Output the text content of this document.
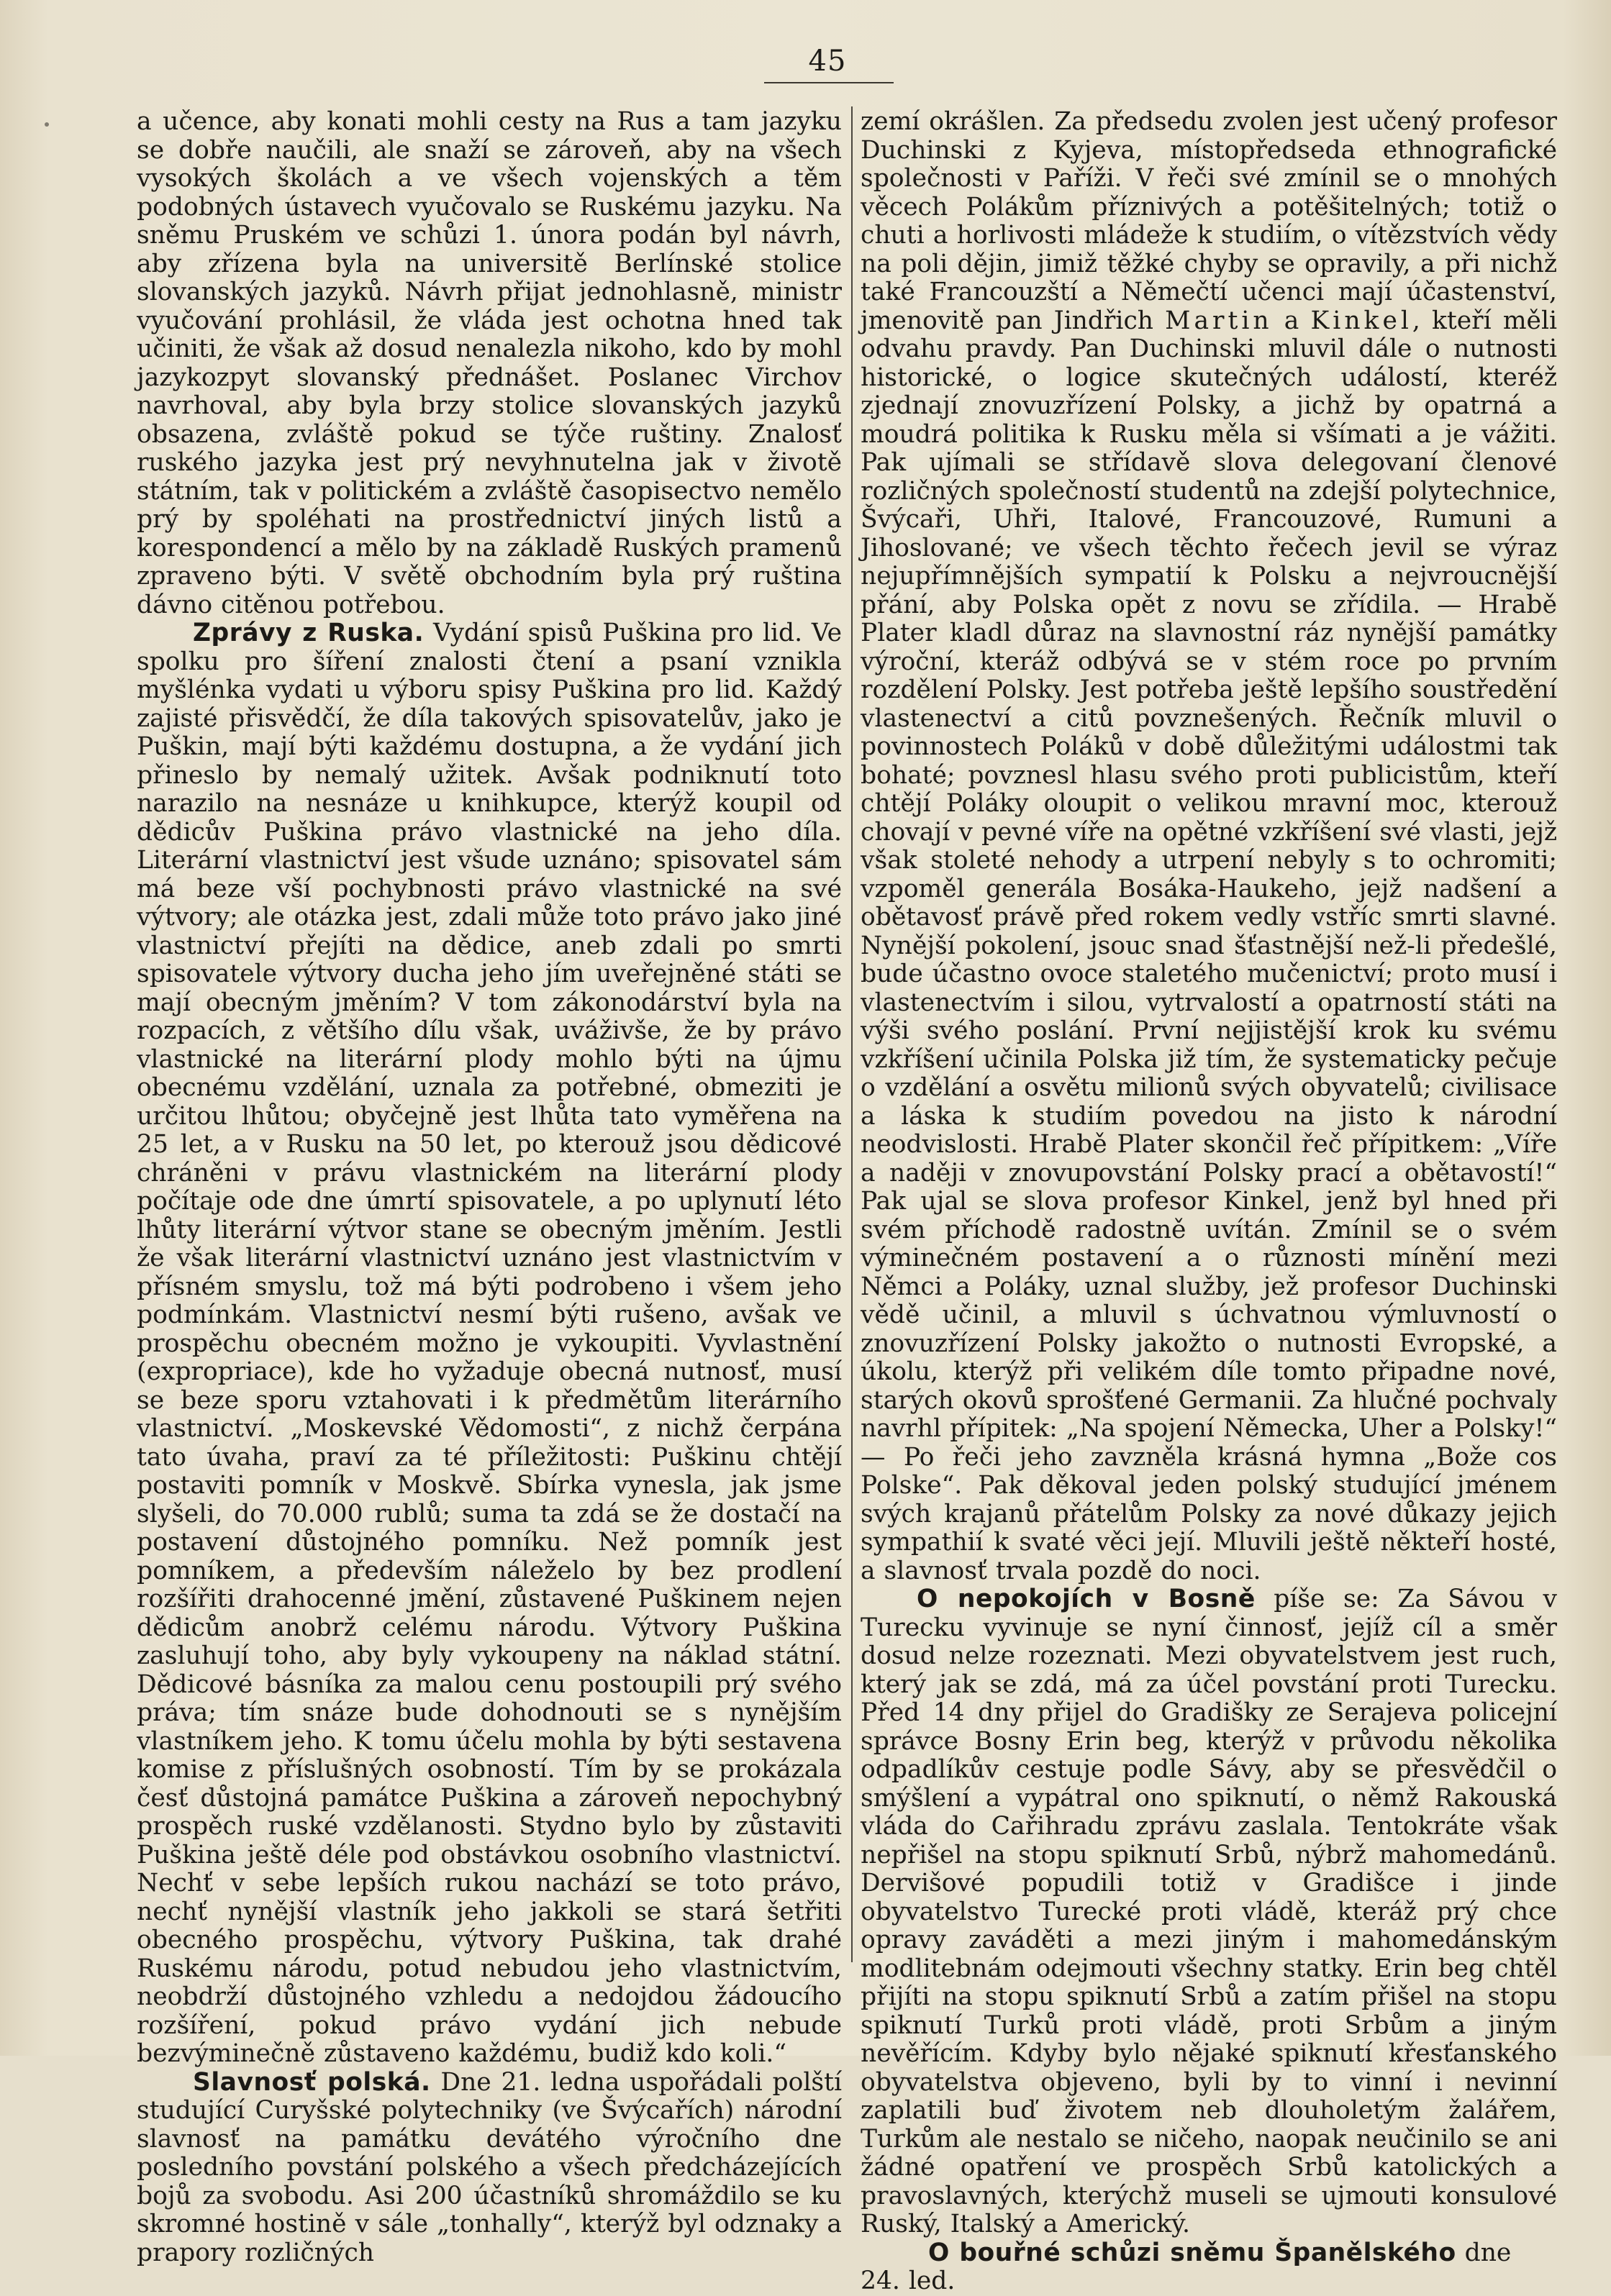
45

a učence, aby konati mohli cesty na Rus a tam jazyku se dobře naučili, ale snaží se zároveň, aby na všech vysokých školách a ve všech vojenských a těm podobných ústavech vyučovalo se Ruskému jazyku. Na sněmu Pruském ve schůzi 1. února podán byl návrh, aby zřízena byla na universitě Berlínské stolice slovanských jazyků. Návrh přijat jednohlasně, ministr vyučování prohlásil, že vláda jest ochotna hned tak učiniti, že však až dosud nenalezla nikoho, kdo by mohl jazykozpyt slovanský přednášet. Poslanec Virchov navrhoval, aby byla brzy stolice slovanských jazyků obsazena, zvláště pokud se týče ruštiny. Znalosť ruského jazyka jest prý nevyhnutelna jak v životě státním, tak v politickém a zvláště časopisectvo nemělo prý by spoléhati na prostřednictví jiných listů a korespondencí a mělo by na základě Ruských pramenů zpraveno býti. V světě obchodním byla prý ruština dávno citěnou potřebou.

Zprávy z Ruska. Vydání spisů Puškina pro lid. Ve spolku pro šíření znalosti čtení a psaní vznikla myšlénka vydati u výboru spisy Puškina pro lid. Každý zajisté přisvědčí, že díla takových spisovatelův, jako je Puškin, mají býti každému dostupna, a že vydání jich přineslo by nemalý užitek. Avšak podniknutí toto narazilo na nesnáze u knihkupce, kterýž koupil od dědicův Puškina právo vlastnické na jeho díla. Literární vlastnictví jest všude uznáno; spisovatel sám má beze vší pochybnosti právo vlastnické na své výtvory; ale otázka jest, zdali může toto právo jako jiné vlastnictví přejíti na dědice, aneb zdali po smrti spisovatele výtvory ducha jeho jím uveřejněné státi se mají obecným jměním? V tom zákonodárství byla na rozpacích, z většího dílu však, uváživše, že by právo vlastnické na literární plody mohlo býti na újmu obecnému vzdělání, uznala za potřebné, obmeziti je určitou lhůtou; obyčejně jest lhůta tato vyměřena na 25 let, a v Rusku na 50 let, po kterouž jsou dědicové chráněni v právu vlastnickém na literární plody počítaje ode dne úmrtí spisovatele, a po uplynutí léto lhůty literární výtvor stane se obecným jměním. Jestli že však literární vlastnictví uznáno jest vlastnictvím v přísném smyslu, tož má býti podrobeno i všem jeho podmínkám. Vlastnictví nesmí býti rušeno, avšak ve prospěchu obecném možno je vykoupiti. Vyvlastnění (expropriace), kde ho vyžaduje obecná nutnosť, musí se beze sporu vztahovati i k předmětům literárního vlastnictví. „Moskevské Vědomosti“, z nichž čerpána tato úvaha, praví za té příležitosti: Puškinu chtějí postaviti pomník v Moskvě. Sbírka vynesla, jak jsme slyšeli, do 70.000 rublů; suma ta zdá se že dostačí na postavení důstojného pomníku. Než pomník jest pomníkem, a především náleželo by bez prodlení rozšířiti drahocenné jmění, zůstavené Puškinem nejen dědicům anobrž celému národu. Výtvory Puškina zasluhují toho, aby byly vykoupeny na náklad státní. Dědicové básníka za malou cenu postoupili prý svého práva; tím snáze bude dohodnouti se s nynějším vlastníkem jeho. K tomu účelu mohla by býti sestavena komise z příslušných osobností. Tím by se prokázala česť důstojná památce Puškina a zároveň nepochybný prospěch ruské vzdělanosti. Stydno bylo by zůstaviti Puškina ještě déle pod obstávkou osobního vlastnictví. Nechť v sebe lepších rukou nachází se toto právo, nechť nynější vlastník jeho jakkoli se stará šetřiti obecného prospěchu, výtvory Puškina, tak drahé Ruskému národu, potud nebudou jeho vlastnictvím, neobdrží důstojného vzhledu a nedojdou žádoucího rozšíření, pokud právo vydání jich nebude bezvýminečně zůstaveno každému, budiž kdo koli.“

Slavnosť polská. Dne 21. ledna uspořádali polští studující Curyšské polytechniky (ve Švýcařích) národní slavnosť na památku devátého výročního dne posledního povstání polského a všech předcházejících bojů za svobodu. Asi 200 účastníků shromáždilo se ku skromné hostině v sále „tonhally“, kterýž byl odznaky a prapory rozličných

zemí okrášlen. Za předsedu zvolen jest učený profesor Duchinski z Kyjeva, místopředseda ethnografické společnosti v Paříži. V řeči své zmínil se o mnohých věcech Polákům příznivých a potěšitelných; totiž o chuti a horlivosti mládeže k studiím, o vítězstvích vědy na poli dějin, jimiž těžké chyby se opravily, a při nichž také Francouzští a Němečtí učenci mají účastenství, jmenovitě pan Jindřich Martin a Kinkel, kteří měli odvahu pravdy. Pan Duchinski mluvil dále o nutnosti historické, o logice skutečných událostí, kteréž zjednají znovuzřízení Polsky, a jichž by opatrná a moudrá politika k Rusku měla si všímati a je vážiti. Pak ujímali se střídavě slova delegovaní členové rozličných společností studentů na zdejší polytechnice, Švýcaři, Uhři, Italové, Francouzové, Rumuni a Jihoslované; ve všech těchto řečech jevil se výraz nejupřímnějších sympatií k Polsku a nejvroucnější přání, aby Polska opět z novu se zřídila. — Hrabě Plater kladl důraz na slavnostní ráz nynější památky výroční, kteráž odbývá se v stém roce po prvním rozdělení Polsky. Jest potřeba ještě lepšího soustředění vlastenectví a citů povznešených. Řečník mluvil o povinnostech Poláků v době důležitými událostmi tak bohaté; povznesl hlasu svého proti publicistům, kteří chtějí Poláky oloupit o velikou mravní moc, kterouž chovají v pevné víře na opětné vzkříšení své vlasti, jejž však stoleté nehody a utrpení nebyly s to ochromiti; vzpoměl generála Bosáka-Haukeho, jejž nadšení a obětavosť právě před rokem vedly vstříc smrti slavné. Nynější pokolení, jsouc snad šťastnější než-li předešlé, bude účastno ovoce staletého mučenictví; proto musí i vlastenectvím i silou, vytrvalostí a opatrností státi na výši svého poslání. První nejjistější krok ku svému vzkříšení učinila Polska již tím, že systematicky pečuje o vzdělání a osvětu milionů svých obyvatelů; civilisace a láska k studiím povedou na jisto k národní neodvislosti. Hrabě Plater skončil řeč přípitkem: „Víře a naději v znovupovstání Polsky prací a obětavostí!“ Pak ujal se slova profesor Kinkel, jenž byl hned při svém příchodě radostně uvítán. Zmínil se o svém výminečném postavení a o různosti mínění mezi Němci a Poláky, uznal služby, jež profesor Duchinski vědě učinil, a mluvil s úchvatnou výmluvností o znovuzřízení Polsky jakožto o nutnosti Evropské, a úkolu, kterýž při velikém díle tomto připadne nové, starých okovů sprošťené Germanii. Za hlučné pochvaly navrhl přípitek: „Na spojení Německa, Uher a Polsky!“ — Po řeči jeho zavzněla krásná hymna „Bože cos Polske“. Pak děkoval jeden polský studující jménem svých krajanů přátelům Polsky za nové důkazy jejich sympathií k svaté věci její. Mluvili ještě někteří hosté, a slavnosť trvala pozdě do noci.

O nepokojích v Bosně píše se: Za Sávou v Turecku vyvinuje se nyní činnosť, jejíž cíl a směr dosud nelze rozeznati. Mezi obyvatelstvem jest ruch, který jak se zdá, má za účel povstání proti Turecku. Před 14 dny přijel do Gradišky ze Serajeva policejní správce Bosny Erin beg, kterýž v průvodu několika odpadlíkův cestuje podle Sávy, aby se přesvědčil o smýšlení a vypátral ono spiknutí, o němž Rakouská vláda do Cařihradu zprávu zaslala. Tentokráte však nepřišel na stopu spiknutí Srbů, nýbrž mahomedánů. Dervišové popudili totiž v Gradišce i jinde obyvatelstvo Turecké proti vládě, kteráž prý chce opravy zaváděti a mezi jiným i mahomedánským modlitebnám odejmouti všechny statky. Erin beg chtěl přijíti na stopu spiknutí Srbů a zatím přišel na stopu spiknutí Turků proti vládě, proti Srbům a jiným nevěřícím. Kdyby bylo nějaké spiknutí křesťanského obyvatelstva objeveno, byli by to vinní i nevinní zaplatili buď životem neb dlouholetým žalářem, Turkům ale nestalo se ničeho, naopak neučinilo se ani žádné opatření ve prospěch Srbů katolických a pravoslavných, kterýchž museli se ujmouti konsulové Ruský, Italský a Americký.

O bouřné schůzi sněmu Španělského dne 24. led.
